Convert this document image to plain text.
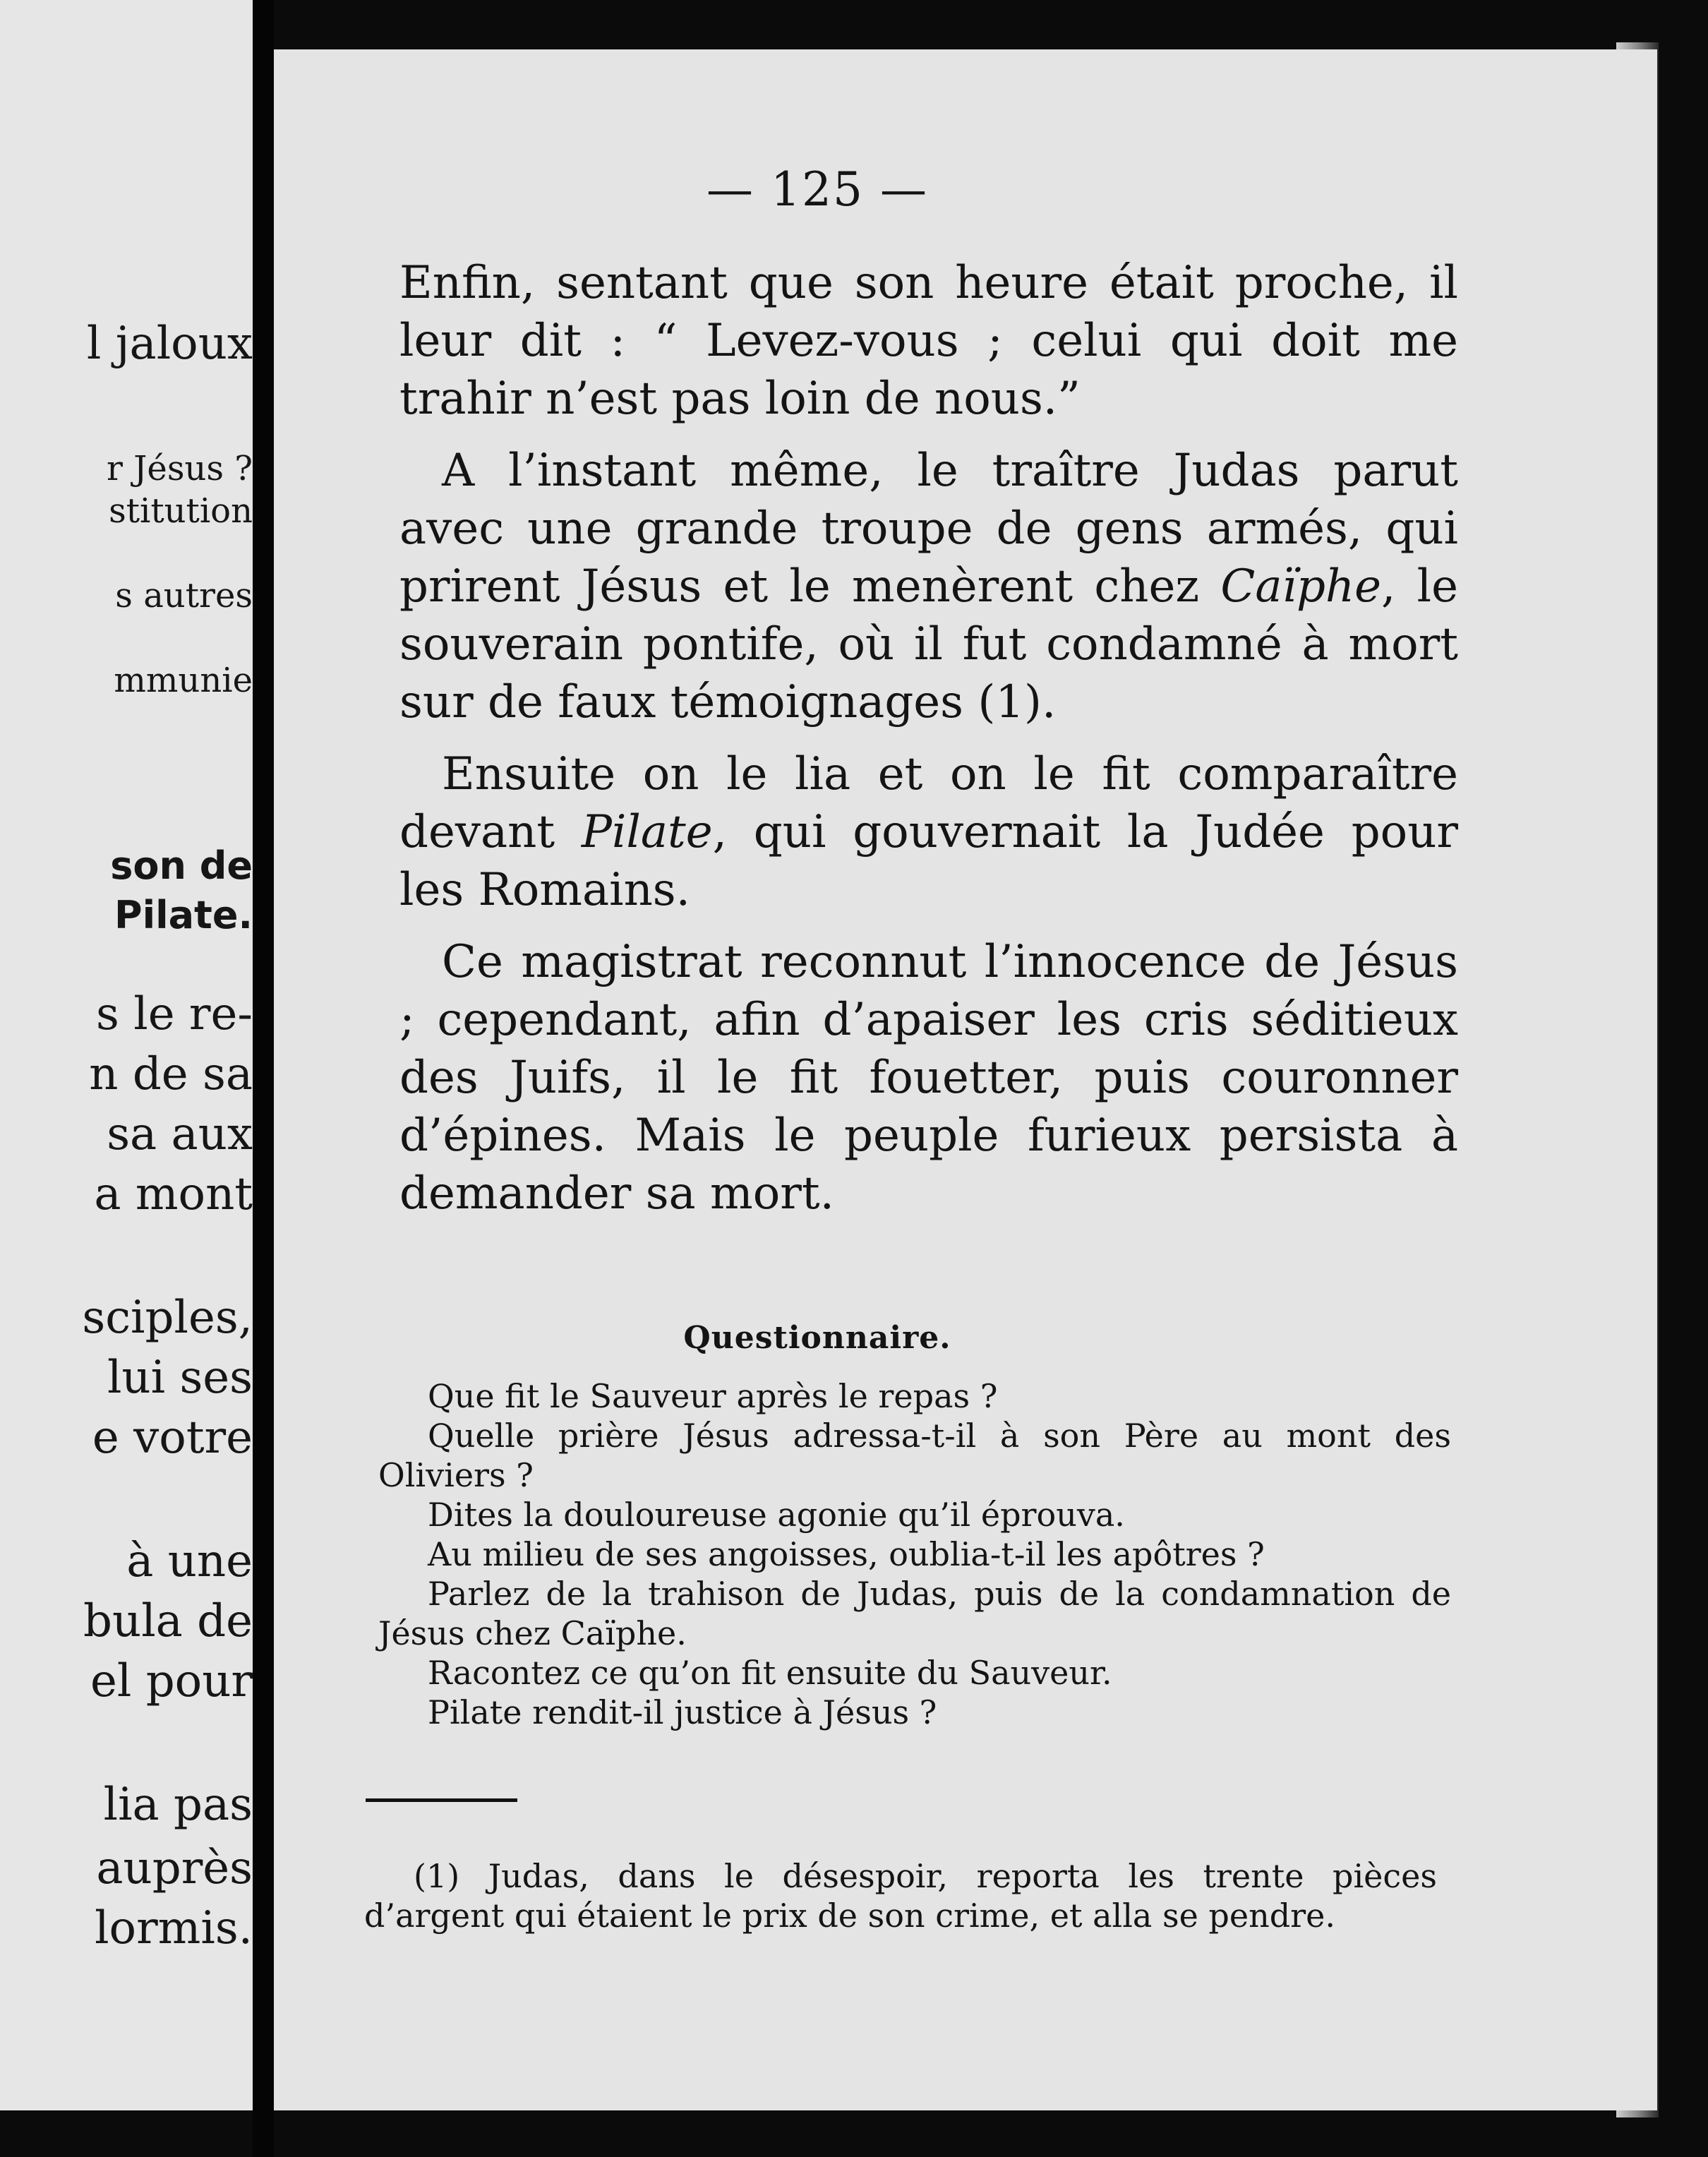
l jaloux
r Jésus ?
stitution
s autres
mmunie
son de
Pilate.
s le re-
n de sa
sa aux
a mont
sciples,
lui ses
e votre
à une
bula de
el pour
lia pas
auprès
lormis.
— 125 —

Enfin, sentant que son heure était proche, il leur dit : “ Levez-vous ; celui qui doit me trahir n’est pas loin de nous.”

A l’instant même, le traître Judas parut avec une grande troupe de gens armés, qui prirent Jésus et le menèrent chez Caïphe, le souverain pontife, où il fut condamné à mort sur de faux témoignages (1).

Ensuite on le lia et on le fit comparaître devant Pilate, qui gouvernait la Judée pour les Romains.

Ce magistrat reconnut l’innocence de Jésus ; cependant, afin d’apaiser les cris séditieux des Juifs, il le fit fouetter, puis couronner d’épines. Mais le peuple furieux persista à demander sa mort.

Questionnaire.

Que fit le Sauveur après le repas ?

Quelle prière Jésus adressa-t-il à son Père au mont des Oliviers ?

Dites la douloureuse agonie qu’il éprouva.

Au milieu de ses angoisses, oublia-t-il les apôtres ?

Parlez de la trahison de Judas, puis de la condamnation de Jésus chez Caïphe.

Racontez ce qu’on fit ensuite du Sauveur.

Pilate rendit-il justice à Jésus ?

(1) Judas, dans le désespoir, reporta les trente pièces d’argent qui étaient le prix de son crime, et alla se pendre.
